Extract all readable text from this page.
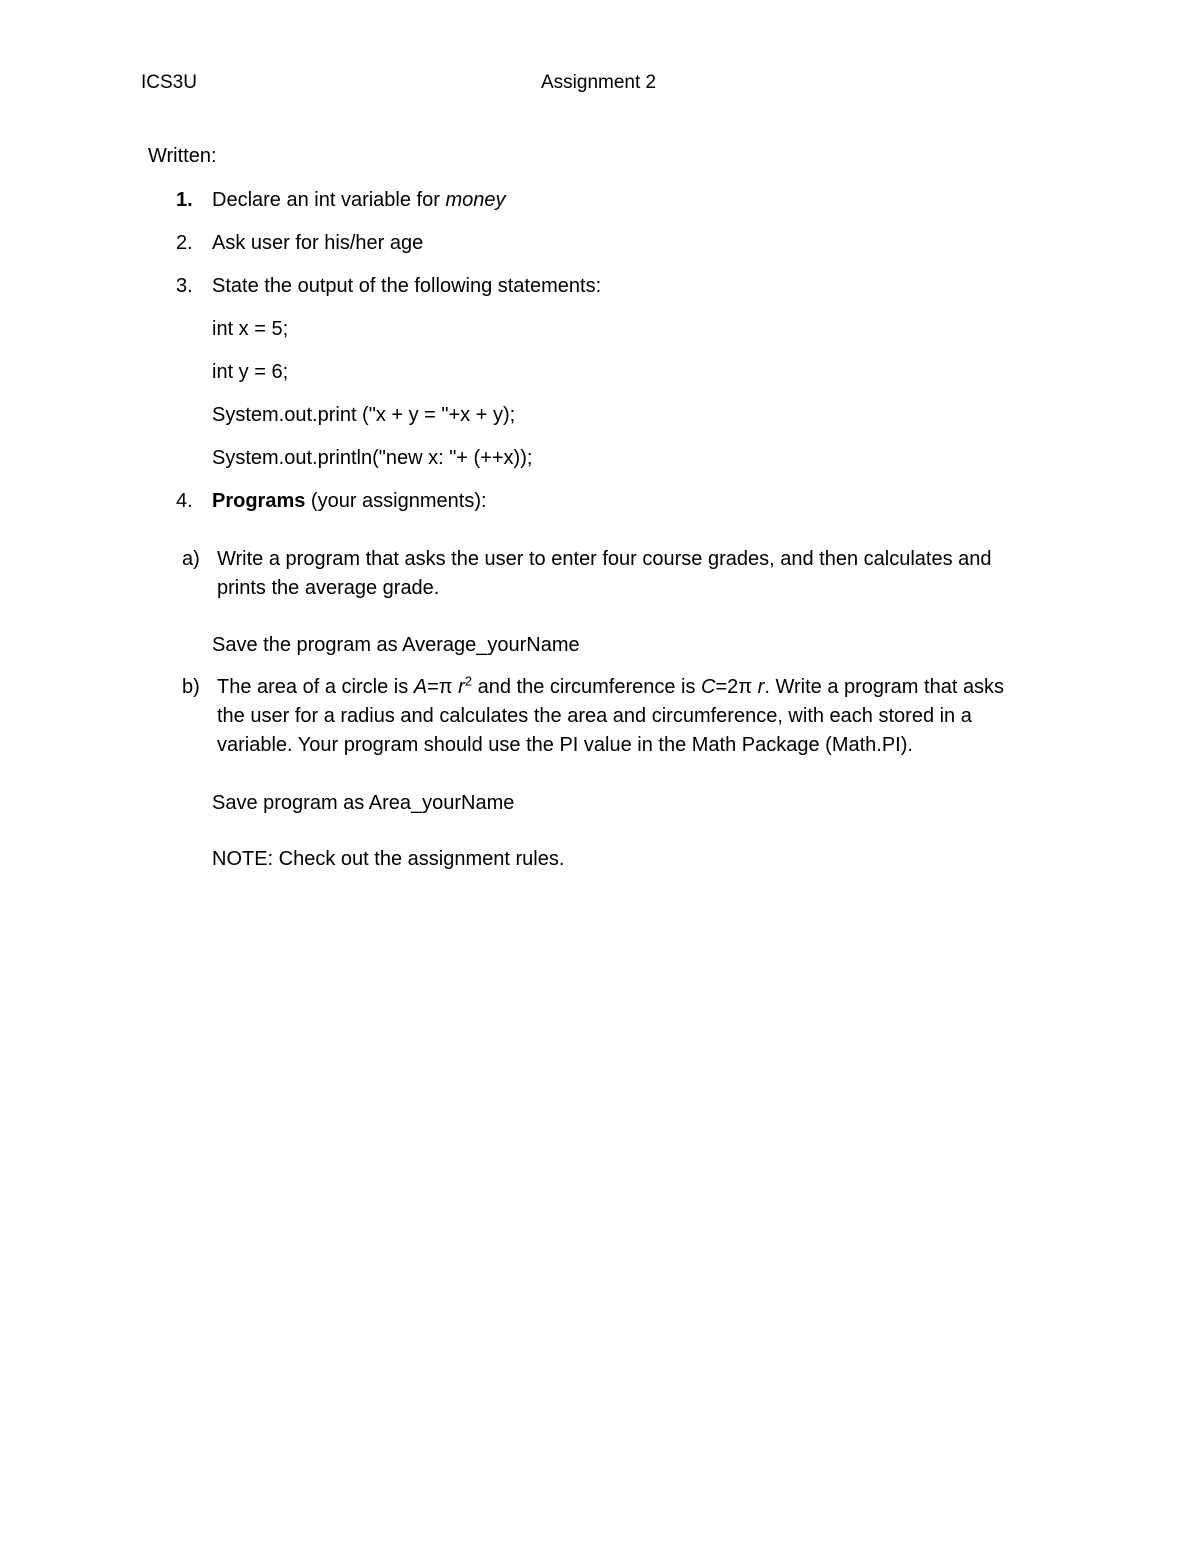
ICS3U	Assignment 2
Written:
1. Declare an int variable for money
2. Ask user for his/her age
3. State the output of the following statements:
int x = 5;
int y = 6;
System.out.print ("x + y = "+x + y);
System.out.println("new x: "+ (++x));
4. Programs (your assignments):
a) Write a program that asks the user to enter four course grades, and then calculates and
prints the average grade.
Save the program as Average_yourName
b) The area of a circle is A=π $r^2$ and the circumference is C=2π r. Write a program that asks
the user for a radius and calculates the area and circumference, with each stored in a
variable. Your program should use the PI value in the Math Package (Math.PI).
Save program as Area_yourName
NOTE: Check out the assignment rules.
